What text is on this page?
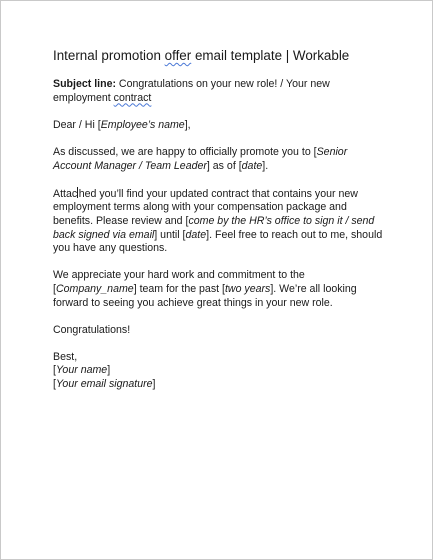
Internal promotion offer email template | Workable

Subject line: Congratulations on your new role! / Your new employment contract

Dear / Hi [Employee’s name],

As discussed, we are happy to officially promote you to [Senior Account Manager / Team Leader] as of [date].

Attac hed you’ll find your updated contract that contains your new employment terms along with your compensation package and benefits. Please review and [come by the HR’s office to sign it / send back signed via email] until [date]. Feel free to reach out to me, should you have any questions.

We appreciate your hard work and commitment to the [Company_name] team for the past [two years]. We’re all looking forward to seeing you achieve great things in your new role.

Congratulations!

Best,

[Your name]

[Your email signature]
